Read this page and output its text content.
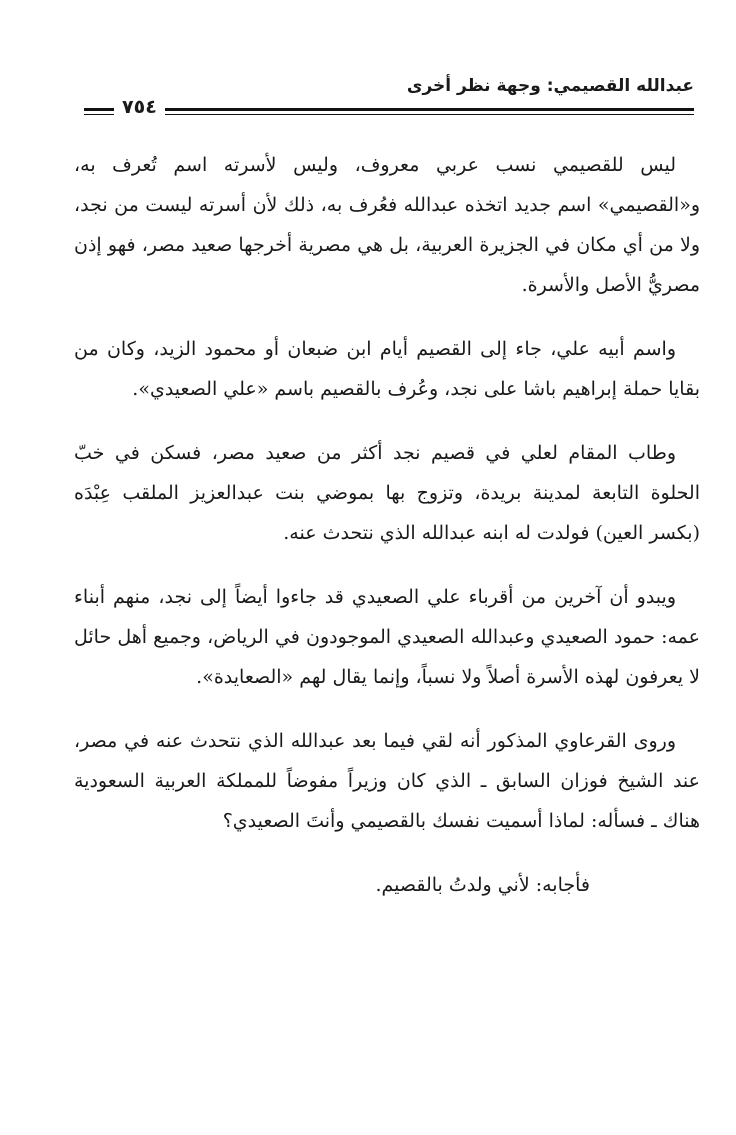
عبدالله القصيمي: وجهة نظر أخرى
٧٥٤

ليس للقصيمي نسب عربي معروف، وليس لأسرته اسم تُعرف به، و«القصيمي» اسم جديد اتخذه عبدالله فعُرف به، ذلك لأن أسرته ليست من نجد، ولا من أي مكان في الجزيرة العربية، بل هي مصرية أخرجها صعيد مصر، فهو إذن مصريُّ الأصل والأسرة.

واسم أبيه علي، جاء إلى القصيم أيام ابن ضبعان أو محمود الزيد، وكان من بقايا حملة إبراهيم باشا على نجد، وعُرف بالقصيم باسم «علي الصعيدي».

وطاب المقام لعلي في قصيم نجد أكثر من صعيد مصر، فسكن في خبّ الحلوة التابعة لمدينة بريدة، وتزوج بها بموضي بنت عبدالعزيز الملقب عِبْدَه (بكسر العين) فولدت له ابنه عبدالله الذي نتحدث عنه.

ويبدو أن آخرين من أقرباء علي الصعيدي قد جاءوا أيضاً إلى نجد، منهم أبناء عمه: حمود الصعيدي وعبدالله الصعيدي الموجودون في الرياض، وجميع أهل حائل لا يعرفون لهذه الأسرة أصلاً ولا نسباً، وإنما يقال لهم «الصعايدة».

وروى القرعاوي المذكور أنه لقي فيما بعد عبدالله الذي نتحدث عنه في مصر، عند الشيخ فوزان السابق ـ الذي كان وزيراً مفوضاً للمملكة العربية السعودية هناك ـ فسأله: لماذا أسميت نفسك بالقصيمي وأنتَ الصعيدي؟

فأجابه: لأني ولدتُ بالقصيم.
